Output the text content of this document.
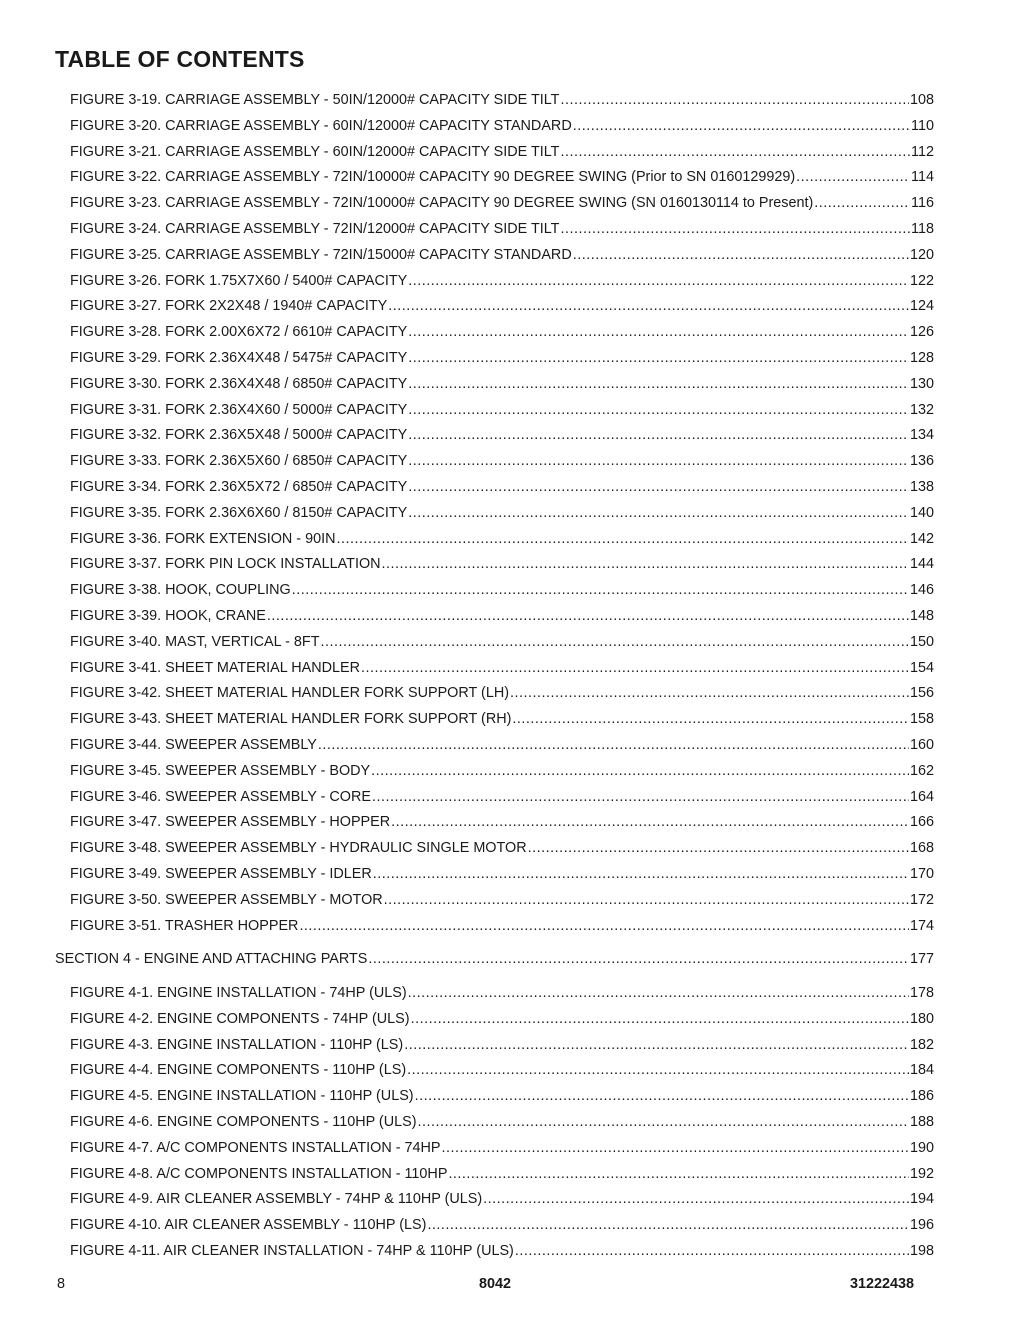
TABLE OF CONTENTS
FIGURE 3-19. CARRIAGE ASSEMBLY - 50IN/12000# CAPACITY SIDE TILT .....	108
FIGURE 3-20. CARRIAGE ASSEMBLY - 60IN/12000# CAPACITY STANDARD .....	110
FIGURE 3-21. CARRIAGE ASSEMBLY - 60IN/12000# CAPACITY SIDE TILT .....	112
FIGURE 3-22. CARRIAGE ASSEMBLY - 72IN/10000# CAPACITY 90 DEGREE SWING (Prior to SN 0160129929) .....	114
FIGURE 3-23. CARRIAGE ASSEMBLY - 72IN/10000# CAPACITY 90 DEGREE SWING (SN 0160130114 to Present) .....	116
FIGURE 3-24. CARRIAGE ASSEMBLY - 72IN/12000# CAPACITY SIDE TILT .....	118
FIGURE 3-25. CARRIAGE ASSEMBLY - 72IN/15000# CAPACITY STANDARD .....	120
FIGURE 3-26. FORK 1.75X7X60 / 5400# CAPACITY .....	122
FIGURE 3-27. FORK 2X2X48 / 1940# CAPACITY .....	124
FIGURE 3-28. FORK 2.00X6X72 / 6610# CAPACITY .....	126
FIGURE 3-29. FORK 2.36X4X48 / 5475# CAPACITY .....	128
FIGURE 3-30. FORK 2.36X4X48 / 6850# CAPACITY .....	130
FIGURE 3-31. FORK 2.36X4X60 / 5000# CAPACITY .....	132
FIGURE 3-32. FORK 2.36X5X48 / 5000# CAPACITY .....	134
FIGURE 3-33. FORK 2.36X5X60 / 6850# CAPACITY .....	136
FIGURE 3-34. FORK 2.36X5X72 / 6850# CAPACITY .....	138
FIGURE 3-35. FORK 2.36X6X60 / 8150# CAPACITY .....	140
FIGURE 3-36. FORK EXTENSION - 90IN .....	142
FIGURE 3-37. FORK PIN LOCK INSTALLATION .....	144
FIGURE 3-38. HOOK, COUPLING .....	146
FIGURE 3-39. HOOK, CRANE .....	148
FIGURE 3-40. MAST, VERTICAL - 8FT .....	150
FIGURE 3-41. SHEET MATERIAL HANDLER .....	154
FIGURE 3-42. SHEET MATERIAL HANDLER FORK SUPPORT (LH) .....	156
FIGURE 3-43. SHEET MATERIAL HANDLER FORK SUPPORT (RH) .....	158
FIGURE 3-44. SWEEPER ASSEMBLY .....	160
FIGURE 3-45. SWEEPER ASSEMBLY - BODY .....	162
FIGURE 3-46. SWEEPER ASSEMBLY - CORE .....	164
FIGURE 3-47. SWEEPER ASSEMBLY - HOPPER .....	166
FIGURE 3-48. SWEEPER ASSEMBLY - HYDRAULIC SINGLE MOTOR .....	168
FIGURE 3-49. SWEEPER ASSEMBLY - IDLER .....	170
FIGURE 3-50. SWEEPER ASSEMBLY - MOTOR .....	172
FIGURE 3-51. TRASHER HOPPER .....	174
SECTION 4 - ENGINE AND ATTACHING PARTS .....	177
FIGURE 4-1. ENGINE INSTALLATION - 74HP (ULS) .....	178
FIGURE 4-2. ENGINE COMPONENTS - 74HP (ULS) .....	180
FIGURE 4-3. ENGINE INSTALLATION - 110HP (LS) .....	182
FIGURE 4-4. ENGINE COMPONENTS - 110HP (LS) .....	184
FIGURE 4-5. ENGINE INSTALLATION - 110HP (ULS) .....	186
FIGURE 4-6. ENGINE COMPONENTS - 110HP (ULS) .....	188
FIGURE 4-7. A/C COMPONENTS INSTALLATION - 74HP .....	190
FIGURE 4-8. A/C COMPONENTS INSTALLATION - 110HP .....	192
FIGURE 4-9. AIR CLEANER ASSEMBLY - 74HP & 110HP (ULS) .....	194
FIGURE 4-10. AIR CLEANER ASSEMBLY - 110HP (LS) .....	196
FIGURE 4-11. AIR CLEANER INSTALLATION - 74HP & 110HP (ULS) .....	198
8	8042	31222438
